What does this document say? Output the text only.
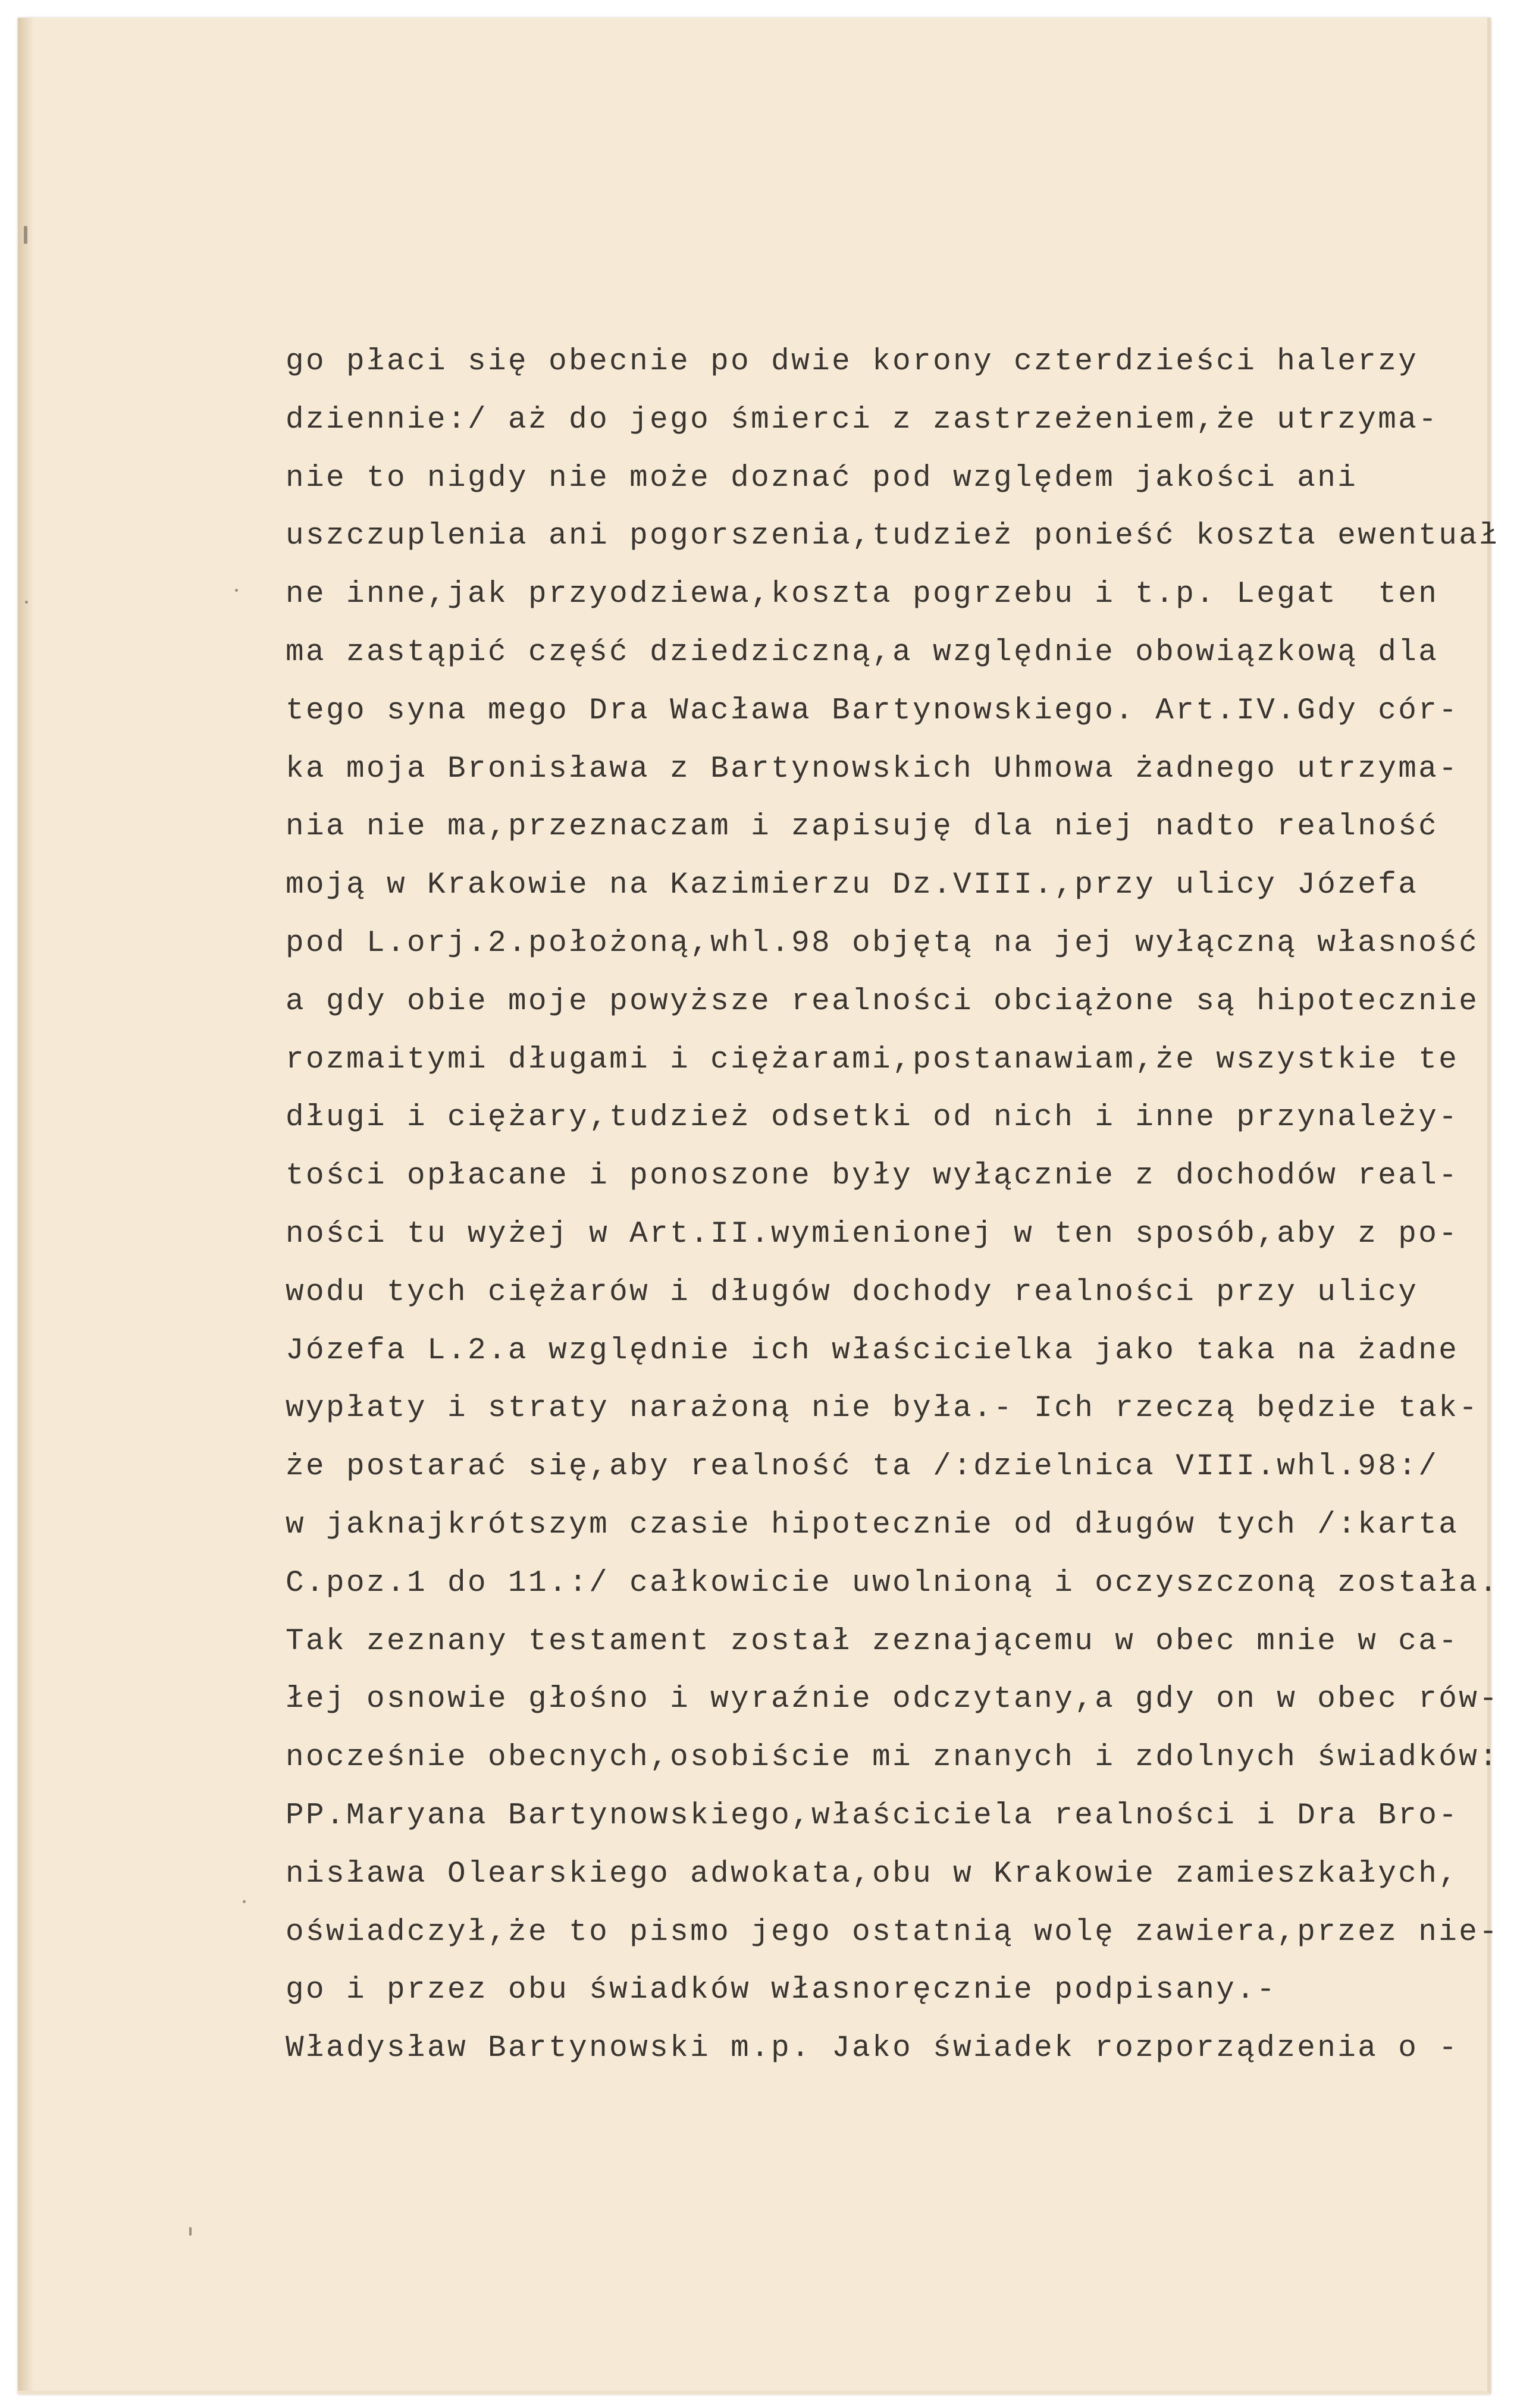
go płaci się obecnie po dwie korony czterdzieści halerzy
dziennie:/ aż do jego śmierci z zastrzeżeniem,że utrzyma-
nie to nigdy nie może doznać pod względem jakości ani
uszczuplenia ani pogorszenia,tudzież ponieść koszta ewentuał
ne inne,jak przyodziewa,koszta pogrzebu i t.p. Legat  ten
ma zastąpić część dziedziczną,a względnie obowiązkową dla
tego syna mego Dra Wacława Bartynowskiego. Art.IV.Gdy cór-
ka moja Bronisława z Bartynowskich Uhmowa żadnego utrzyma-
nia nie ma,przeznaczam i zapisuję dla niej nadto realność
moją w Krakowie na Kazimierzu Dz.VIII.,przy ulicy Józefa
pod L.orj.2.położoną,whl.98 objętą na jej wyłączną własność
a gdy obie moje powyższe realności obciążone są hipotecznie
rozmaitymi długami i ciężarami,postanawiam,że wszystkie te
długi i ciężary,tudzież odsetki od nich i inne przynależy-
tości opłacane i ponoszone były wyłącznie z dochodów real-
ności tu wyżej w Art.II.wymienionej w ten sposób,aby z po-
wodu tych ciężarów i długów dochody realności przy ulicy
Józefa L.2.a względnie ich właścicielka jako taka na żadne
wypłaty i straty narażoną nie była.- Ich rzeczą będzie tak-
że postarać się,aby realność ta /:dzielnica VIII.whl.98:/
w jaknajkrótszym czasie hipotecznie od długów tych /:karta
C.poz.1 do 11.:/ całkowicie uwolnioną i oczyszczoną została.
Tak zeznany testament został zeznającemu w obec mnie w ca-
łej osnowie głośno i wyraźnie odczytany,a gdy on w obec rów-
nocześnie obecnych,osobiście mi znanych i zdolnych świadków:
PP.Maryana Bartynowskiego,właściciela realności i Dra Bro-
nisława Olearskiego adwokata,obu w Krakowie zamieszkałych,
oświadczył,że to pismo jego ostatnią wolę zawiera,przez nie-
go i przez obu świadków własnoręcznie podpisany.-
Władysław Bartynowski m.p. Jako świadek rozporządzenia o -
